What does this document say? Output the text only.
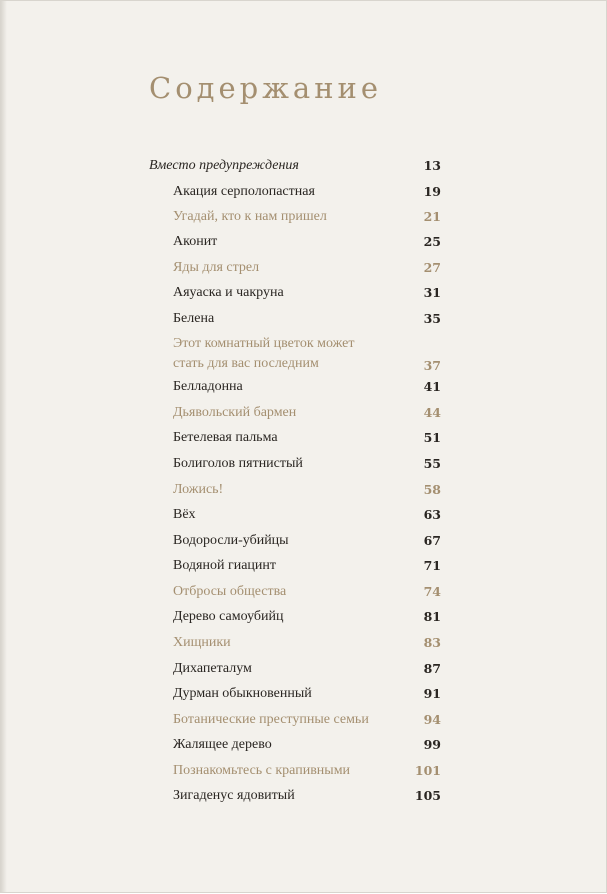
Содержание
Вместо предупреждения	13
Акация серполопастная	19
Угадай, кто к нам пришел	21
Аконит	25
Яды для стрел	27
Аяуаска и чакруна	31
Белена	35
Этот комнатный цветок может
стать для вас последним	37
Белладонна	41
Дьявольский бармен	44
Бетелевая пальма	51
Болиголов пятнистый	55
Ложись!	58
Вёх	63
Водоросли-убийцы	67
Водяной гиацинт	71
Отбросы общества	74
Дерево самоубийц	81
Хищники	83
Дихапеталум	87
Дурман обыкновенный	91
Ботанические преступные семьи	94
Жалящее дерево	99
Познакомьтесь с крапивными	101
Зигаденус ядовитый	105
